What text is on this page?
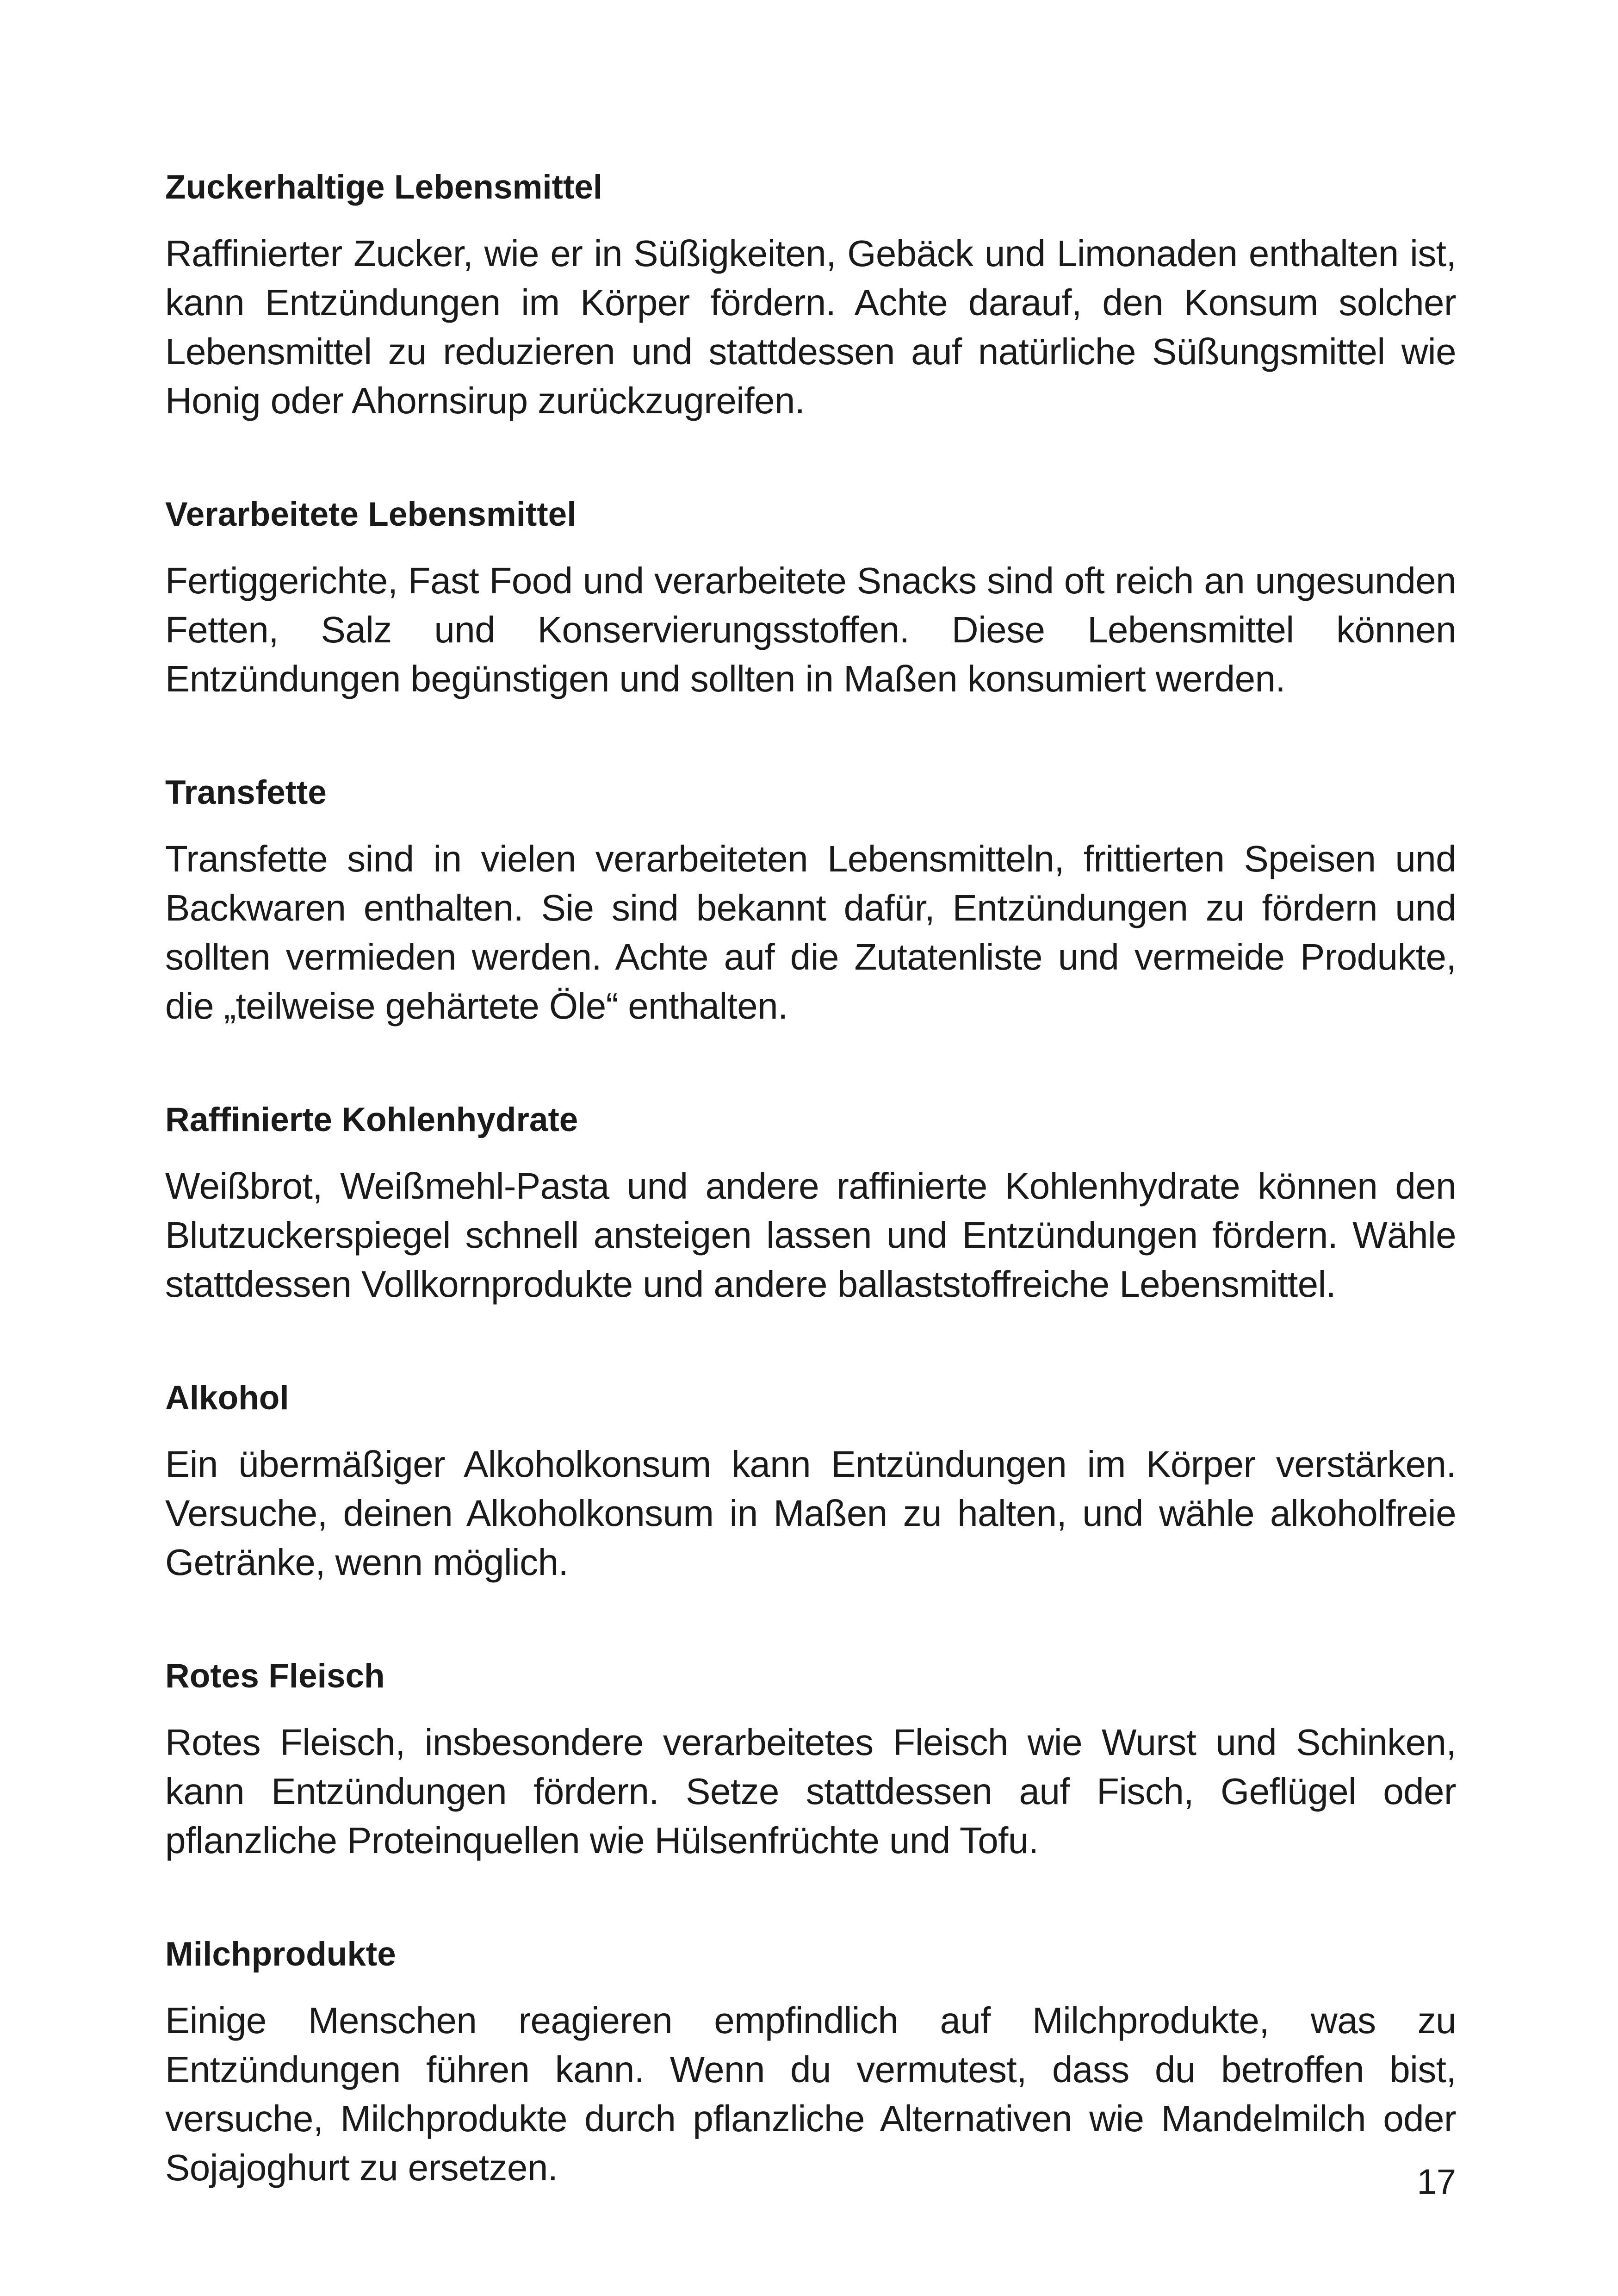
Zuckerhaltige Lebensmittel

Raffinierter Zucker, wie er in Süßigkeiten, Gebäck und Limonaden enthalten ist, kann Entzündungen im Körper fördern. Achte darauf, den Konsum solcher Lebensmittel zu reduzieren und stattdessen auf natürliche Süßungsmittel wie Honig oder Ahornsirup zurückzugreifen.

Verarbeitete Lebensmittel

Fertiggerichte, Fast Food und verarbeitete Snacks sind oft reich an ungesunden Fetten, Salz und Konservierungsstoffen. Diese Lebensmittel können Entzündungen begünstigen und sollten in Maßen konsumiert werden.

Transfette

Transfette sind in vielen verarbeiteten Lebensmitteln, frittierten Speisen und Backwaren enthalten. Sie sind bekannt dafür, Entzündungen zu fördern und sollten vermieden werden. Achte auf die Zutatenliste und vermeide Produkte, die „teilweise gehärtete Öle“ enthalten.

Raffinierte Kohlenhydrate

Weißbrot, Weißmehl-Pasta und andere raffinierte Kohlenhydrate können den Blutzuckerspiegel schnell ansteigen lassen und Entzündungen fördern. Wähle stattdessen Vollkornprodukte und andere ballaststoffreiche Lebensmittel.

Alkohol

Ein übermäßiger Alkoholkonsum kann Entzündungen im Körper verstärken. Versuche, deinen Alkoholkonsum in Maßen zu halten, und wähle alkoholfreie Getränke, wenn möglich.

Rotes Fleisch

Rotes Fleisch, insbesondere verarbeitetes Fleisch wie Wurst und Schinken, kann Entzündungen fördern. Setze stattdessen auf Fisch, Geflügel oder pflanzliche Proteinquellen wie Hülsenfrüchte und Tofu.

Milchprodukte

Einige Menschen reagieren empfindlich auf Milchprodukte, was zu Entzündungen führen kann. Wenn du vermutest, dass du betroffen bist, versuche, Milchprodukte durch pflanzliche Alternativen wie Mandelmilch oder Sojajoghurt zu ersetzen.	17
